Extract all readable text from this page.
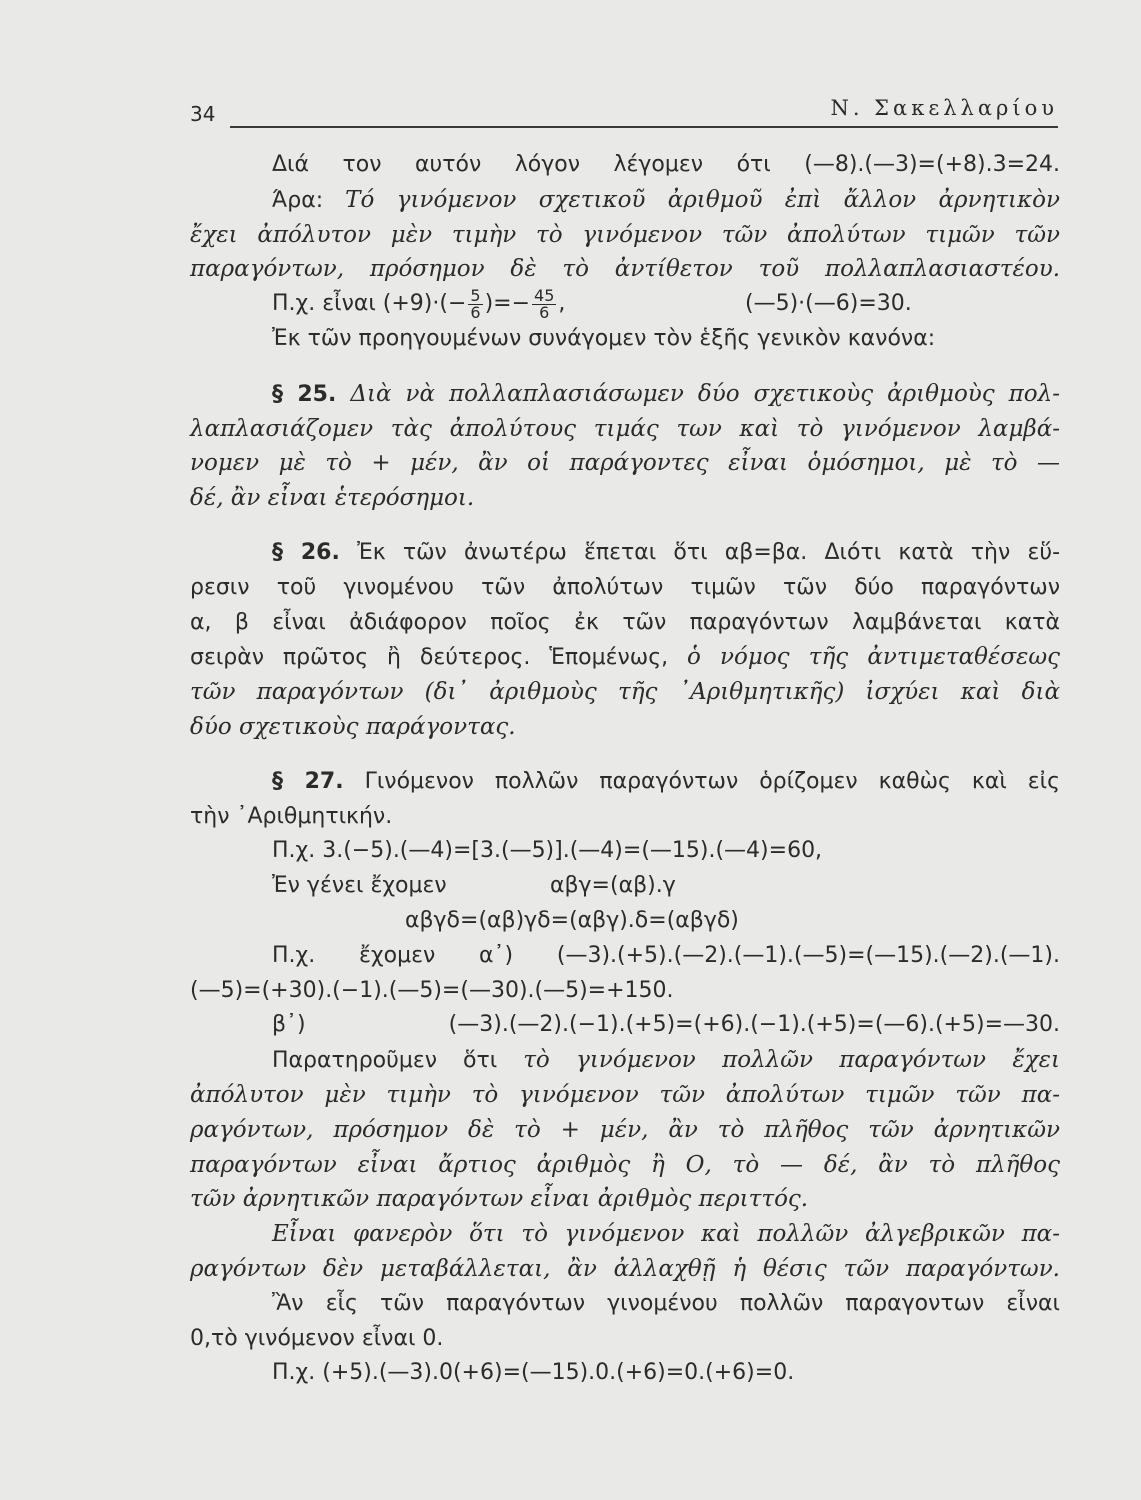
34	Ν. Σακελλαρίου
Διά τον αυτόν λόγον λέγομεν ότι (—8).(—3)=(+8).3=24.
Άρα: Τό γινόμενον σχετικοῦ ἀριθμοῦ ἐπὶ ἄλλον ἀρνητικὸν
ἔχει ἀπόλυτον μὲν τιμὴν τὸ γινόμενον τῶν ἀπολύτων τιμῶν τῶν
παραγόντων, πρόσημον δὲ τὸ ἀντίθετον τοῦ πολλαπλασιαστέου.
Π.χ. εἶναι $(+9)\cdot(- \frac{5}{6}$ )=− $\frac{45}{6}$ ,	(—5)·(—6)=30.
Ἐκ τῶν προηγουμένων συνάγομεν τὸν ἑξῆς γενικὸν κανόνα:
§ 25. Διὰ νὰ πολλαπλασιάσωμεν δύο σχετικοὺς ἀριθμοὺς πολ-
λαπλασιάζομεν τὰς ἀπολύτους τιμάς των καὶ τὸ γινόμενον λαμβά-
νομεν μὲ τὸ + μέν, ἂν οἱ παράγοντες εἶναι ὁμόσημοι, μὲ τὸ —
δέ, ἂν εἶναι ἑτερόσημοι.
§ 26. Ἐκ τῶν ἀνωτέρω ἕπεται ὅτι αβ=βα. Διότι κατὰ τὴν εὕ-
ρεσιν τοῦ γινομένου τῶν ἀπολύτων τιμῶν τῶν δύο παραγόντων
α, β εἶναι ἀδιάφορον ποῖος ἐκ τῶν παραγόντων λαμβάνεται κατὰ
σειρὰν πρῶτος ἢ δεύτερος. Ἑπομένως, ὁ νόμος τῆς ἀντιμεταθέσεως
τῶν παραγόντων (δι᾽ ἀριθμοὺς τῆς ᾽Αριθμητικῆς) ἰσχύει καὶ διὰ
δύο σχετικοὺς παράγοντας.
§ 27. Γινόμενον πολλῶν παραγόντων ὁρίζομεν καθὼς καὶ εἰς
τὴν ᾽Αριθμητικήν.
Π.χ. 3.(−5).(—4)=[3.(—5)].(—4)=(—15).(—4)=60,
Ἐν γένει ἔχομεν	αβγ=(αβ).γ
αβγδ=(αβ)γδ=(αβγ).δ=(αβγδ)
Π.χ. ἔχομεν α᾽) (—3).(+5).(—2).(—1).(—5)=(—15).(—2).(—1).
(—5)=(+30).(−1).(—5)=(—30).(—5)=+150.
β᾽) (—3).(—2).(−1).(+5)=(+6).(−1).(+5)=(—6).(+5)=—30.
Παρατηροῦμεν ὅτι τὸ γινόμενον πολλῶν παραγόντων ἔχει
ἀπόλυτον μὲν τιμὴν τὸ γινόμενον τῶν ἀπολύτων τιμῶν τῶν πα-
ραγόντων, πρόσημον δὲ τὸ + μέν, ἂν τὸ πλῆθος τῶν ἀρνητικῶν
παραγόντων εἶναι ἄρτιος ἀριθμὸς ἢ Ο, τὸ — δέ, ἂν τὸ πλῆθος
τῶν ἀρνητικῶν παραγόντων εἶναι ἀριθμὸς περιττός.
Εἶναι φανερὸν ὅτι τὸ γινόμενον καὶ πολλῶν ἀλγεβρικῶν πα-
ραγόντων δὲν μεταβάλλεται, ἂν ἀλλαχθῇ ἡ θέσις τῶν παραγόντων.
Ἂν εἷς τῶν παραγόντων γινομένου πολλῶν παραγοντων εἶναι
0,τὸ γινόμενον εἶναι 0.
Π.χ. (+5).(—3).0(+6)=(—15).0.(+6)=0.(+6)=0.
